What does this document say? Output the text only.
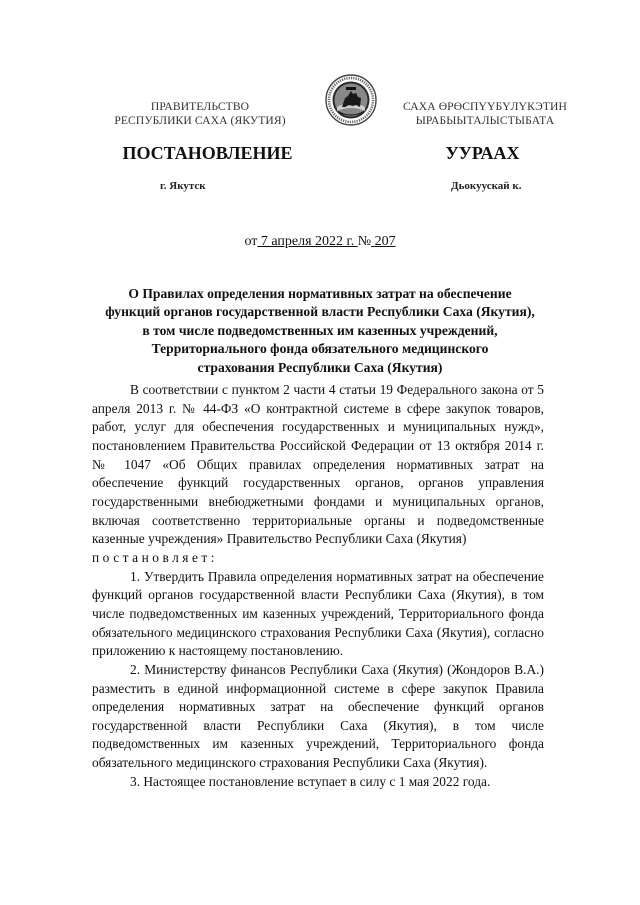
ПРАВИТЕЛЬСТВО
РЕСПУБЛИКИ САХА (ЯКУТИЯ)
САХА ӨРӨСПҮҮБҮЛҮКЭТИН
ЫРАБЫЫТАЛЫСТЫБАТА
ПОСТАНОВЛЕНИЕ	УУРААХ
г. Якутск	Дьокуускай к.
от 7 апреля 2022 г. № 207
О Правилах определения нормативных затрат на обеспечение
функций органов государственной власти Республики Саха (Якутия),
в том числе подведомственных им казенных учреждений,
Территориального фонда обязательного медицинского
страхования Республики Саха (Якутия)

В соответствии с пунктом 2 части 4 статьи 19 Федерального закона от 5 апреля 2013 г. № 44-ФЗ «О контрактной системе в сфере закупок товаров, работ, услуг для обеспечения государственных и муниципальных нужд», постановлением Правительства Российской Федерации от 13 октября 2014 г. № 1047 «Об Общих правилах определения нормативных затрат на обеспечение функций государственных органов, органов управления государственными внебюджетными фондами и муниципальных органов, включая соответственно территориальные органы и подведомственные казенные учреждения» Правительство Республики Саха (Якутия)

постановляет:

1. Утвердить Правила определения нормативных затрат на обеспечение функций органов государственной власти Республики Саха (Якутия), в том числе подведомственных им казенных учреждений, Территориального фонда обязательного медицинского страхования Республики Саха (Якутия), согласно приложению к настоящему постановлению.

2. Министерству финансов Республики Саха (Якутия) (Жондоров В.А.) разместить в единой информационной системе в сфере закупок Правила определения нормативных затрат на обеспечение функций органов государственной власти Республики Саха (Якутия), в том числе подведомственных им казенных учреждений, Территориального фонда обязательного медицинского страхования Республики Саха (Якутия).

3. Настоящее постановление вступает в силу с 1 мая 2022 года.
